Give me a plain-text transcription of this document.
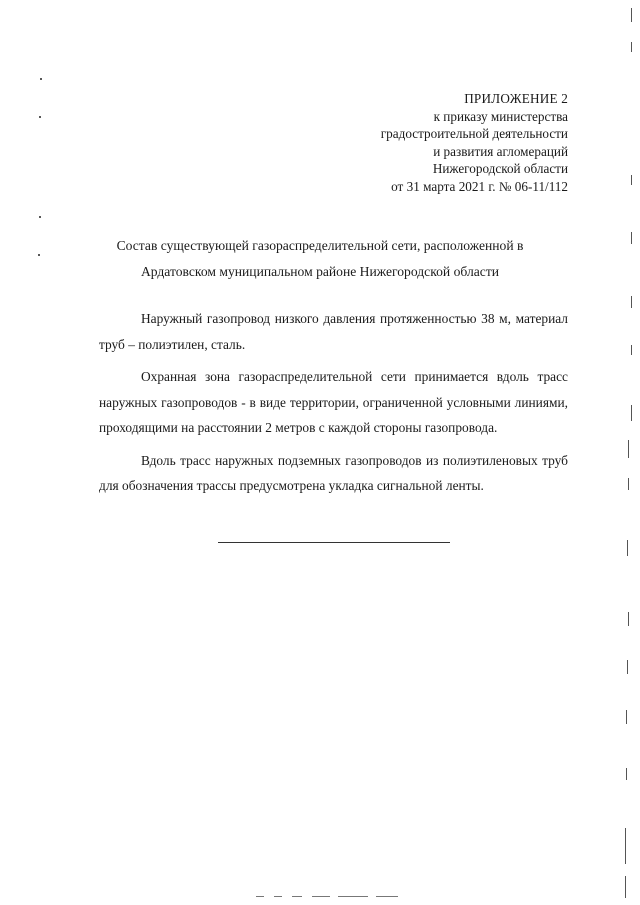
ПРИЛОЖЕНИЕ 2
к приказу министерства
градостроительной деятельности
и развития агломераций
Нижегородской области
от 31 марта 2021 г. № 06-11/112
Состав существующей газораспределительной сети, расположенной в
Ардатовском муниципальном районе Нижегородской области

Наружный газопровод низкого давления протяженностью 38 м, материал труб – полиэтилен, сталь.

Охранная зона газораспределительной сети принимается вдоль трасс наружных газопроводов - в виде территории, ограниченной условными линиями, проходящими на расстоянии 2 метров с каждой стороны газопровода.

Вдоль трасс наружных подземных газопроводов из полиэтиленовых труб для обозначения трассы предусмотрена укладка сигнальной ленты.
